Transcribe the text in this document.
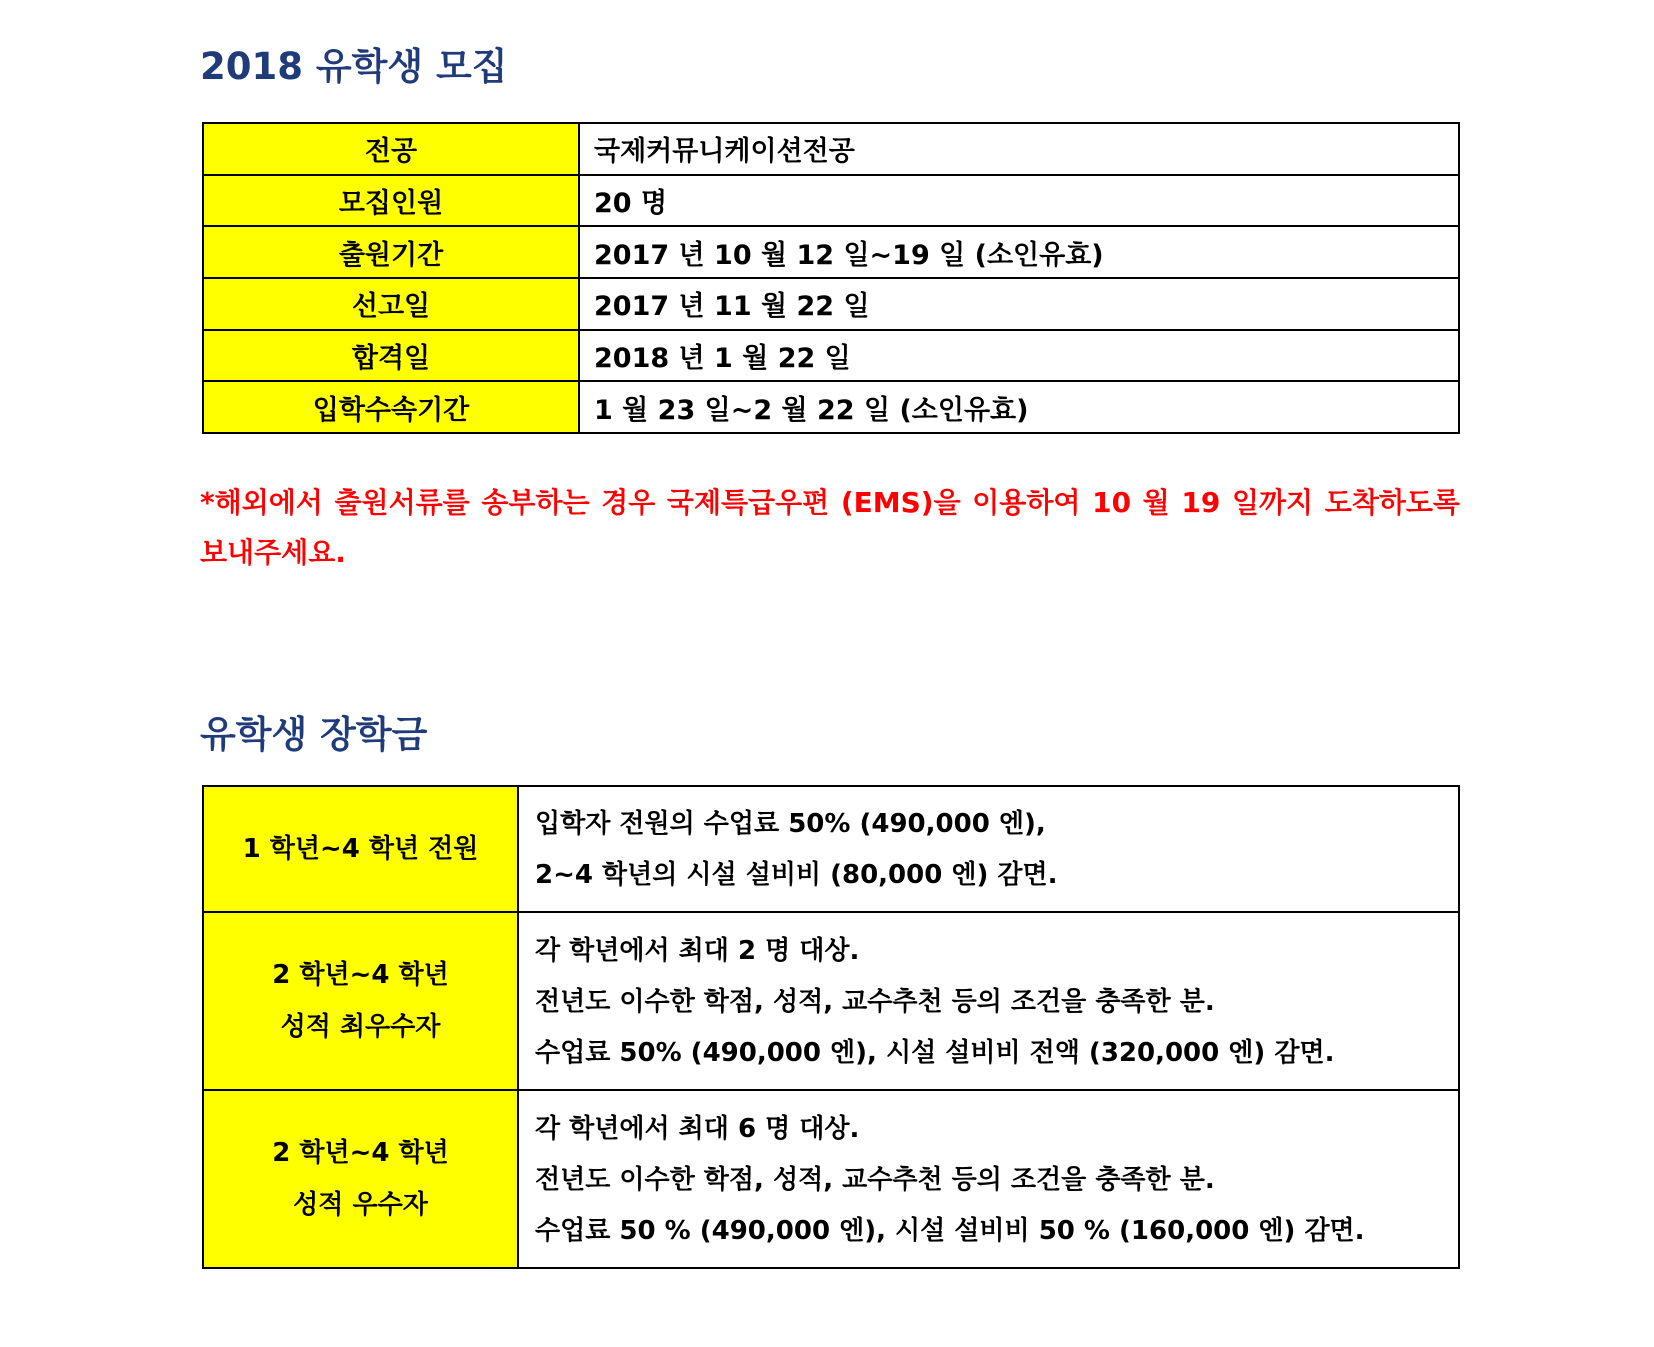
2018 유학생 모집
전공	국제커뮤니케이션전공
모집인원	20 명
출원기간	2017 년 10 월 12 일~19 일 (소인유효)
선고일	2017 년 11 월 22 일
합격일	2018 년 1 월 22 일
입학수속기간	1 월 23 일~2 월 22 일 (소인유효)

*해외에서 출원서류를 송부하는 경우 국제특급우편 (EMS)을 이용하여 10 월 19 일까지 도착하도록 보내주세요.

유학생 장학금
1 학년~4 학년 전원	입학자 전원의 수업료 50% (490,000 엔),
2~4 학년의 시설 설비비 (80,000 엔) 감면.

2 학년~4 학년
성적 최우수자	각 학년에서 최대 2 명 대상.
전년도 이수한 학점, 성적, 교수추천 등의 조건을 충족한 분.
수업료 50% (490,000 엔), 시설 설비비 전액 (320,000 엔) 감면.

2 학년~4 학년
성적 우수자	각 학년에서 최대 6 명 대상.
전년도 이수한 학점, 성적, 교수추천 등의 조건을 충족한 분.
수업료 50 % (490,000 엔), 시설 설비비 50 % (160,000 엔) 감면.
